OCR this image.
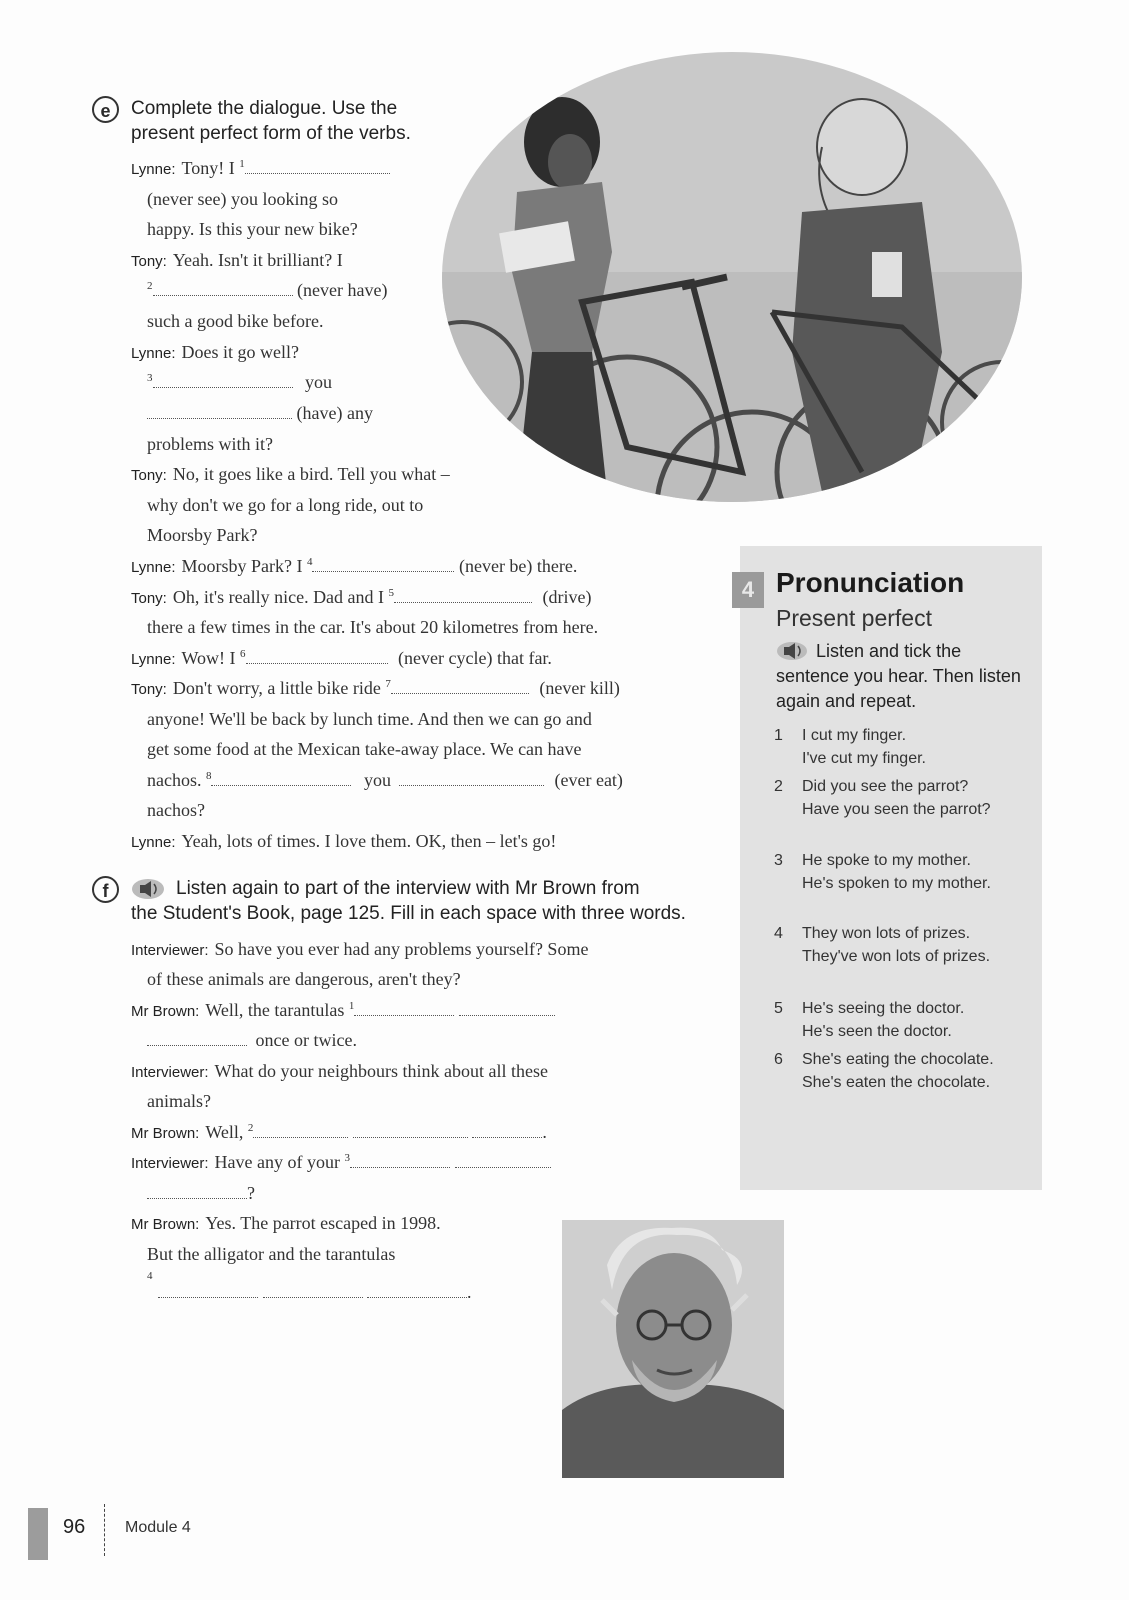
e	Complete the dialogue. Use the
present perfect form of the verbs.
Lynne: Tony! I $^1$
(never see) you looking so
happy. Is this your new bike?
Tony: Yeah. Isn't it brilliant? I
$^2$	(never have)
such a good bike before.
Lynne: Does it go well?
$^3$	you
(have) any
problems with it?
Tony: No, it goes like a bird. Tell you what –
why don't we go for a long ride, out to
Moorsby Park?
Lynne: Moorsby Park? I $^4$	(never be) there.
Tony: Oh, it's really nice. Dad and I $^5$	(drive)
there a few times in the car. It's about 20 kilometres from here.
Lynne: Wow! I $^6$	(never cycle) that far.
Tony: Don't worry, a little bike ride $^7$	(never kill)
anyone! We'll be back by lunch time. And then we can go and
get some food at the Mexican take-away place. We can have
nachos. $^8$	you	(ever eat)
nachos?
Lynne: Yeah, lots of times. I love them. OK, then – let's go!
f	Listen again to part of the interview with Mr Brown from
the Student's Book, page 125. Fill in each space with three words.
Interviewer: So have you ever had any problems yourself? Some
of these animals are dangerous, aren't they?
Mr Brown: Well, the tarantulas $^1$
once or twice.
Interviewer: What do your neighbours think about all these
animals?
Mr Brown: Well, $^2$	.
Interviewer: Have any of your $^3$
?
Mr Brown: Yes. The parrot escaped in 1998.
But the alligator and the tarantulas
$^4$
.
4 Pronunciation
Present perfect
Listen and tick the sentence you hear. Then listen again and repeat.
1 I cut my finger.
I've cut my finger.
2 Did you see the parrot?
Have you seen the parrot?
3 He spoke to my mother.
He's spoken to my mother.
4 They won lots of prizes.
They've won lots of prizes.
5 He's seeing the doctor.
He's seen the doctor.
6 She's eating the chocolate.
She's eaten the chocolate.
96 Module 4
